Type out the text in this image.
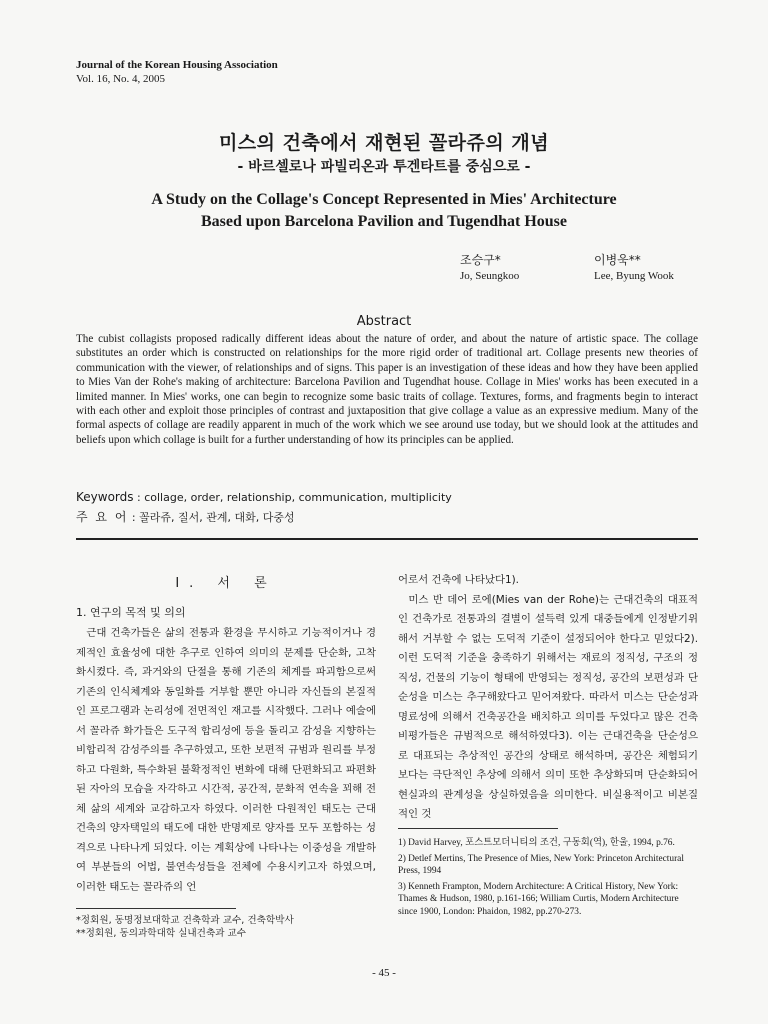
Journal of the Korean Housing Association
Vol. 16, No. 4, 2005
미스의 건축에서 재현된 꼴라쥬의 개념
- 바르셀로나 파빌리온과 투겐타트를 중심으로 -
A Study on the Collage's Concept Represented in Mies' Architecture
Based upon Barcelona Pavilion and Tugendhat House
조승구*
Jo, Seungkoo
이병욱**
Lee, Byung Wook
Abstract
The cubist collagists proposed radically different ideas about the nature of order, and about the nature of artistic space. The collage substitutes an order which is constructed on relationships for the more rigid order of traditional art. Collage presents new theories of communication with the viewer, of relationships and of signs. This paper is an investigation of these ideas and how they have been applied to Mies Van der Rohe's making of architecture: Barcelona Pavilion and Tugendhat house. Collage in Mies' works has been executed in a limited manner. In Mies' works, one can begin to recognize some basic traits of collage. Textures, forms, and fragments begin to interact with each other and exploit those principles of contrast and juxtaposition that give collage a value as an expressive medium. Many of the formal aspects of collage are readily apparent in much of the work which we see around use today, but we should look at the attitudes and beliefs upon which collage is built for a further understanding of how its principles can be applied.
Keywords : collage, order, relationship, communication, multiplicity
주 요 어 : 꼴라쥬, 질서, 관계, 대화, 다중성
I. 서 론
1. 연구의 목적 및 의의
근대 건축가들은 삶의 전통과 환경을 무시하고 기능적이거나 경제적인 효율성에 대한 추구로 인하여 의미의 문제를 단순화, 고착화시켰다. 즉, 과거와의 단절을 통해 기존의 체계를 파괴함으로써 기존의 인식체계와 동일화를 거부할 뿐만 아니라 자신들의 본질적인 프로그램과 논리성에 전면적인 재고를 시작했다. 그러나 예술에서 꼴라쥬 화가들은 도구적 합리성에 등을 돌리고 감성을 지향하는 비합리적 감성주의를 추구하였고, 또한 보편적 규범과 원리를 부정하고 다원화, 특수화된 불확정적인 변화에 대해 단편화되고 파편화된 자아의 모습을 자각하고 시간적, 공간적, 문화적 연속을 꾀해 전체 삶의 세계와 교감하고자 하였다. 이러한 다원적인 태도는 근대 건축의 양자택일의 태도에 대한 반명제로 양자를 모두 포함하는 성격으로 나타나게 되었다. 이는 계획상에 나타나는 이중성을 개발하여 부분들의 어법, 불연속성들을 전체에 수용시키고자 하였으며, 이러한 태도는 꼴라쥬의 언

어로서 건축에 나타났다1).

미스 반 데어 로에(Mies van der Rohe)는 근대건축의 대표적인 건축가로 전통과의 결별이 설득력 있게 대중들에게 인정받기위해서 거부할 수 없는 도덕적 기준이 설정되어야 한다고 믿었다2). 이런 도덕적 기준을 충족하기 위해서는 재료의 정직성, 구조의 정직성, 건물의 기능이 형태에 반영되는 정직성, 공간의 보편성과 단순성을 미스는 추구해왔다고 믿어져왔다. 따라서 미스는 단순성과 명료성에 의해서 건축공간을 배치하고 의미를 두었다고 많은 건축 비평가들은 규범적으로 해석하였다3). 이는 근대건축을 단순성으로 대표되는 추상적인 공간의 상태로 해석하며, 공간은 체험되기 보다는 극단적인 추상에 의해서 의미 또한 추상화되며 단순화되어 현실과의 관계성을 상실하였음을 의미한다. 비실용적이고 비본질적인 것

1) David Harvey, 포스트모더니티의 조건, 구동회(역), 한울, 1994, p.76.

2) Detlef Mertins, The Presence of Mies, New York: Princeton Architectural Press, 1994

3) Kenneth Frampton, Modern Architecture: A Critical History, New York: Thames & Hudson, 1980, p.161-166; William Curtis, Modern Architecture since 1900, London: Phaidon, 1982, pp.270-273.

*정회원, 동명정보대학교 건축학과 교수, 건축학박사

**정회원, 동의과학대학 실내건축과 교수

- 45 -
